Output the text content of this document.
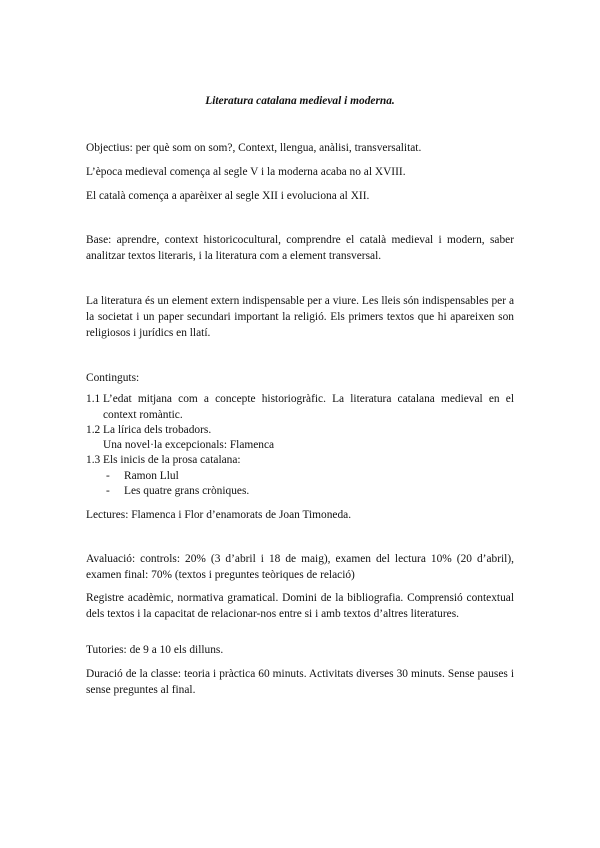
Literatura catalana medieval i moderna.

Objectius: per què som on som?, Context, llengua, anàlisi, transversalitat.

L’època medieval comença al segle V i la moderna acaba no al XVIII.

El català comença a aparèixer al segle XII i evoluciona al XII.

Base: aprendre, context historicocultural, comprendre el català medieval i modern, saber analitzar textos literaris, i la literatura com a element transversal.

La literatura és un element extern indispensable per a viure. Les lleis són indispensables per a la societat i un paper secundari important la religió. Els primers textos que hi apareixen son religiosos i jurídics en llatí.

Continguts:

1.1 L’edat mitjana com a concepte historiogràfic. La literatura catalana medieval en el context romàntic.
1.2 La lírica dels trobadors.
Una novel·la excepcionals: Flamenca
1.3 Els inicis de la prosa catalana:
- Ramon Llul
- Les quatre grans cròniques.

Lectures: Flamenca i Flor d’enamorats de Joan Timoneda.

Avaluació: controls: 20% (3 d’abril i 18 de maig), examen del lectura 10% (20 d’abril), examen final: 70% (textos i preguntes teòriques de relació)

Registre acadèmic, normativa gramatical. Domini de la bibliografia. Comprensió contextual dels textos i la capacitat de relacionar-nos entre si i amb textos d’altres literatures.

Tutories: de 9 a 10 els dilluns.

Duració de la classe: teoria i pràctica 60 minuts. Activitats diverses 30 minuts. Sense pauses i sense preguntes al final.
